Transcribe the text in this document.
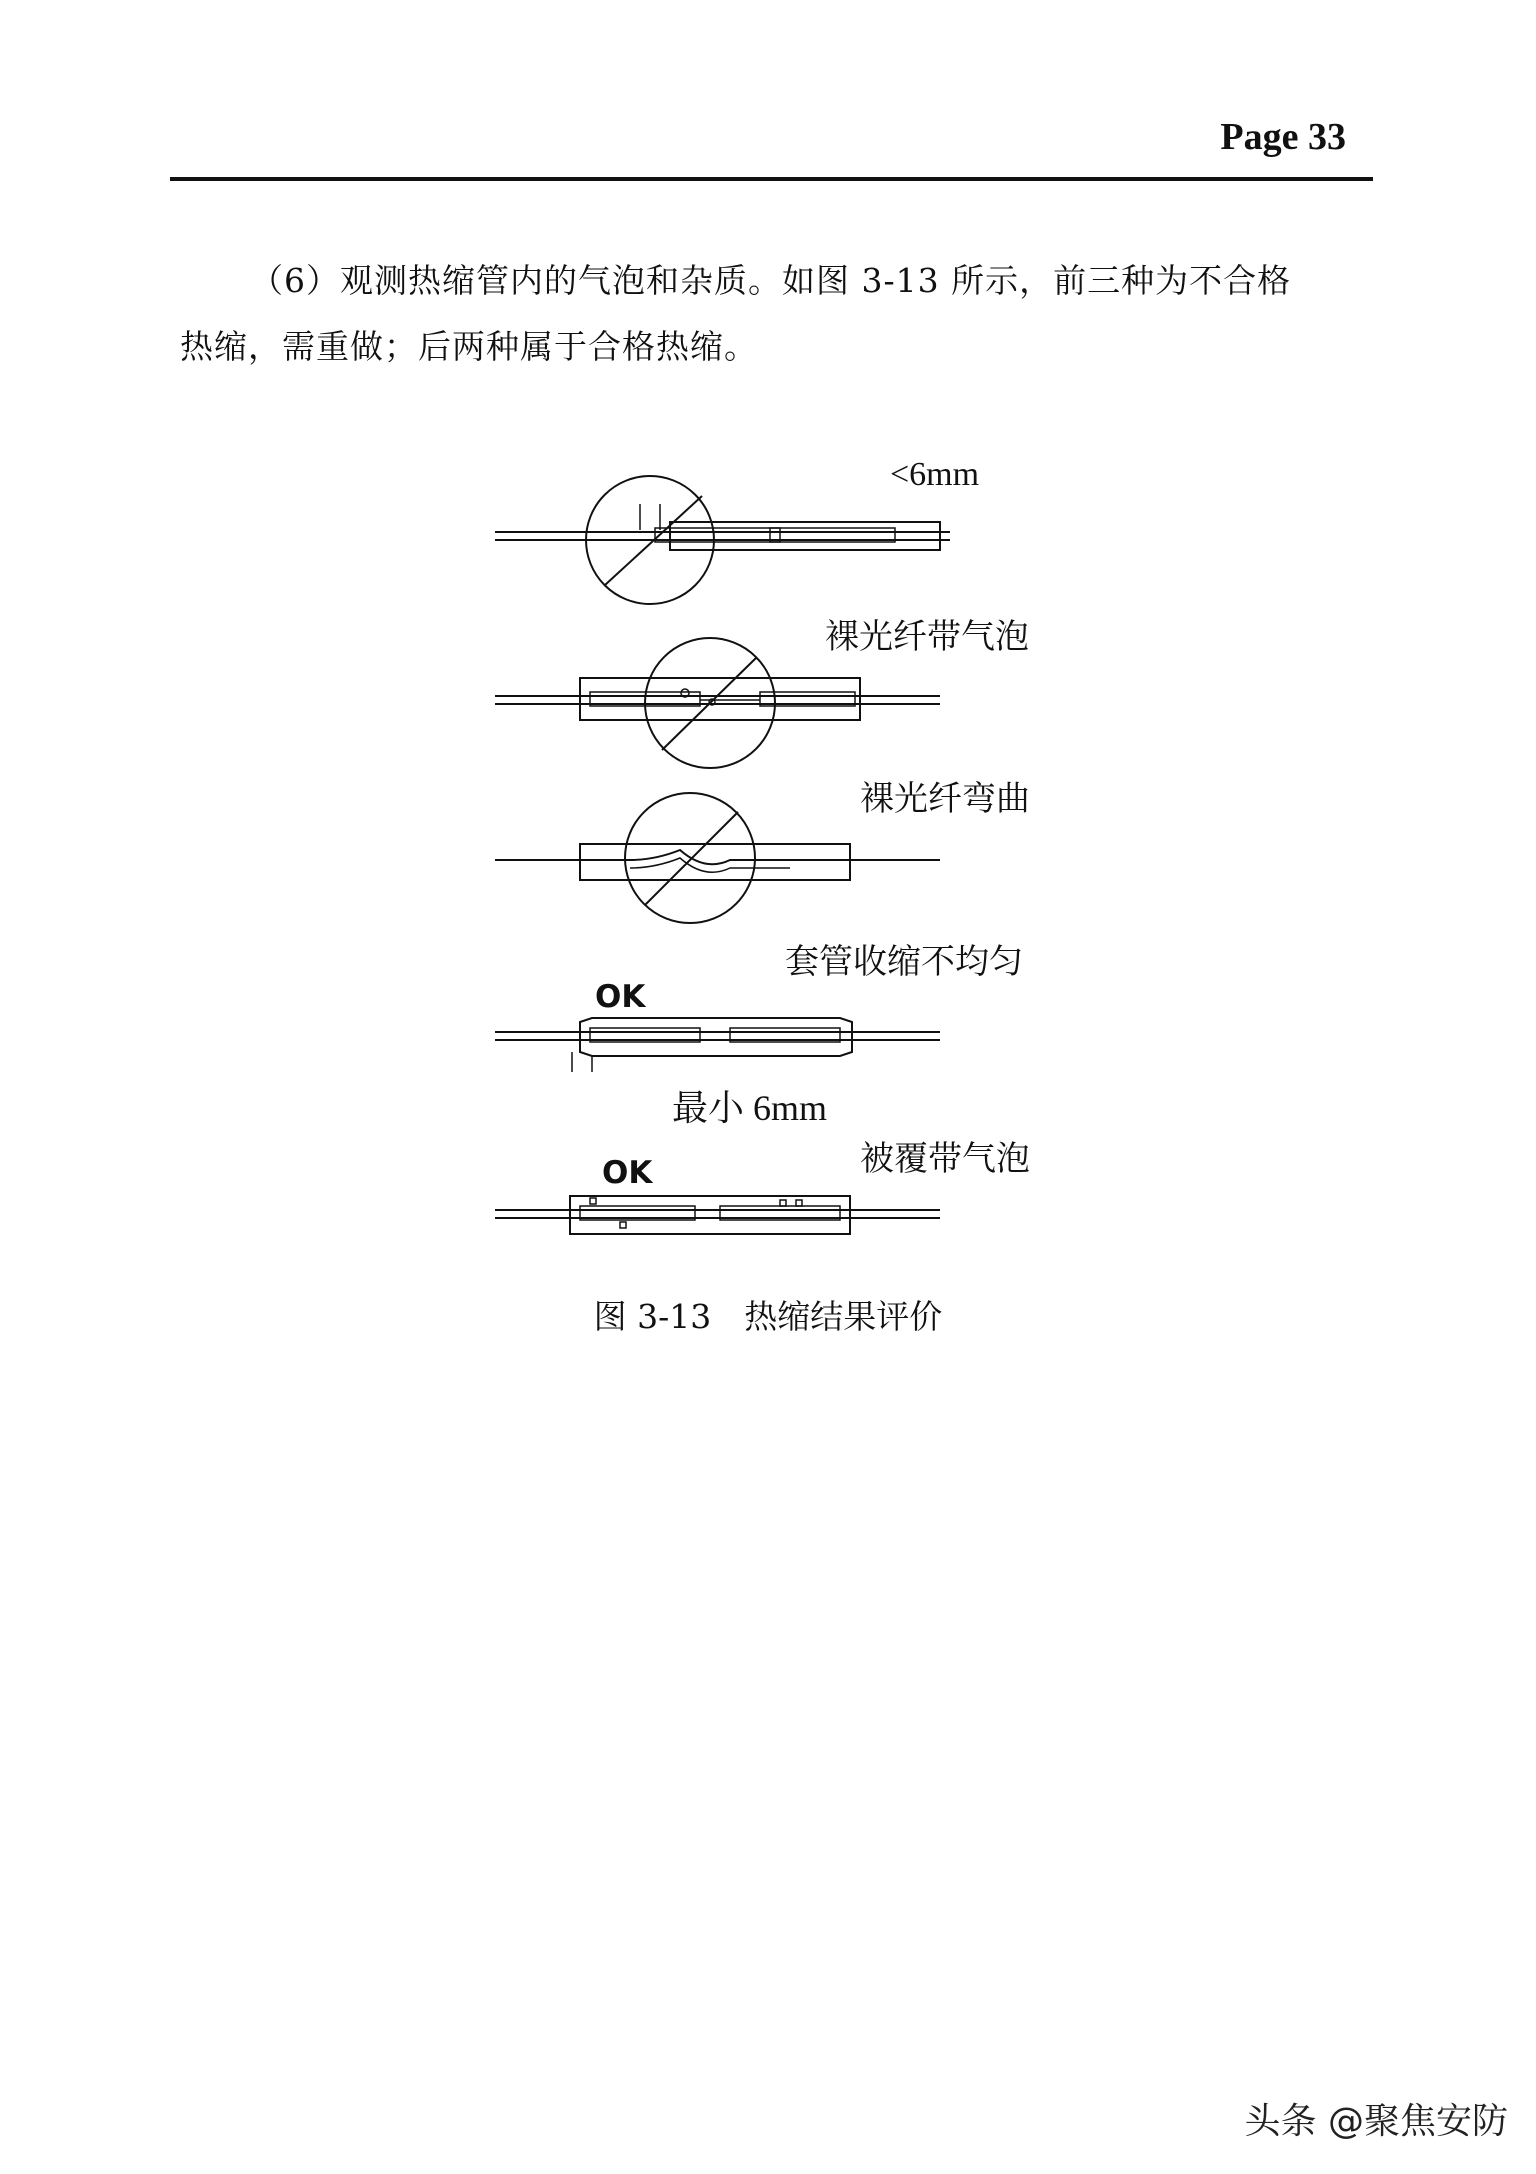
Page 33
（6）观测热缩管内的气泡和杂质。如图 3-13 所示，前三种为不合格
热缩，需重做；后两种属于合格热缩。
<6mm
裸光纤带气泡
裸光纤弯曲
套管收缩不均匀
OK
最小 6mm
被覆带气泡
OK
图 3-13　热缩结果评价
头条 @聚焦安防
